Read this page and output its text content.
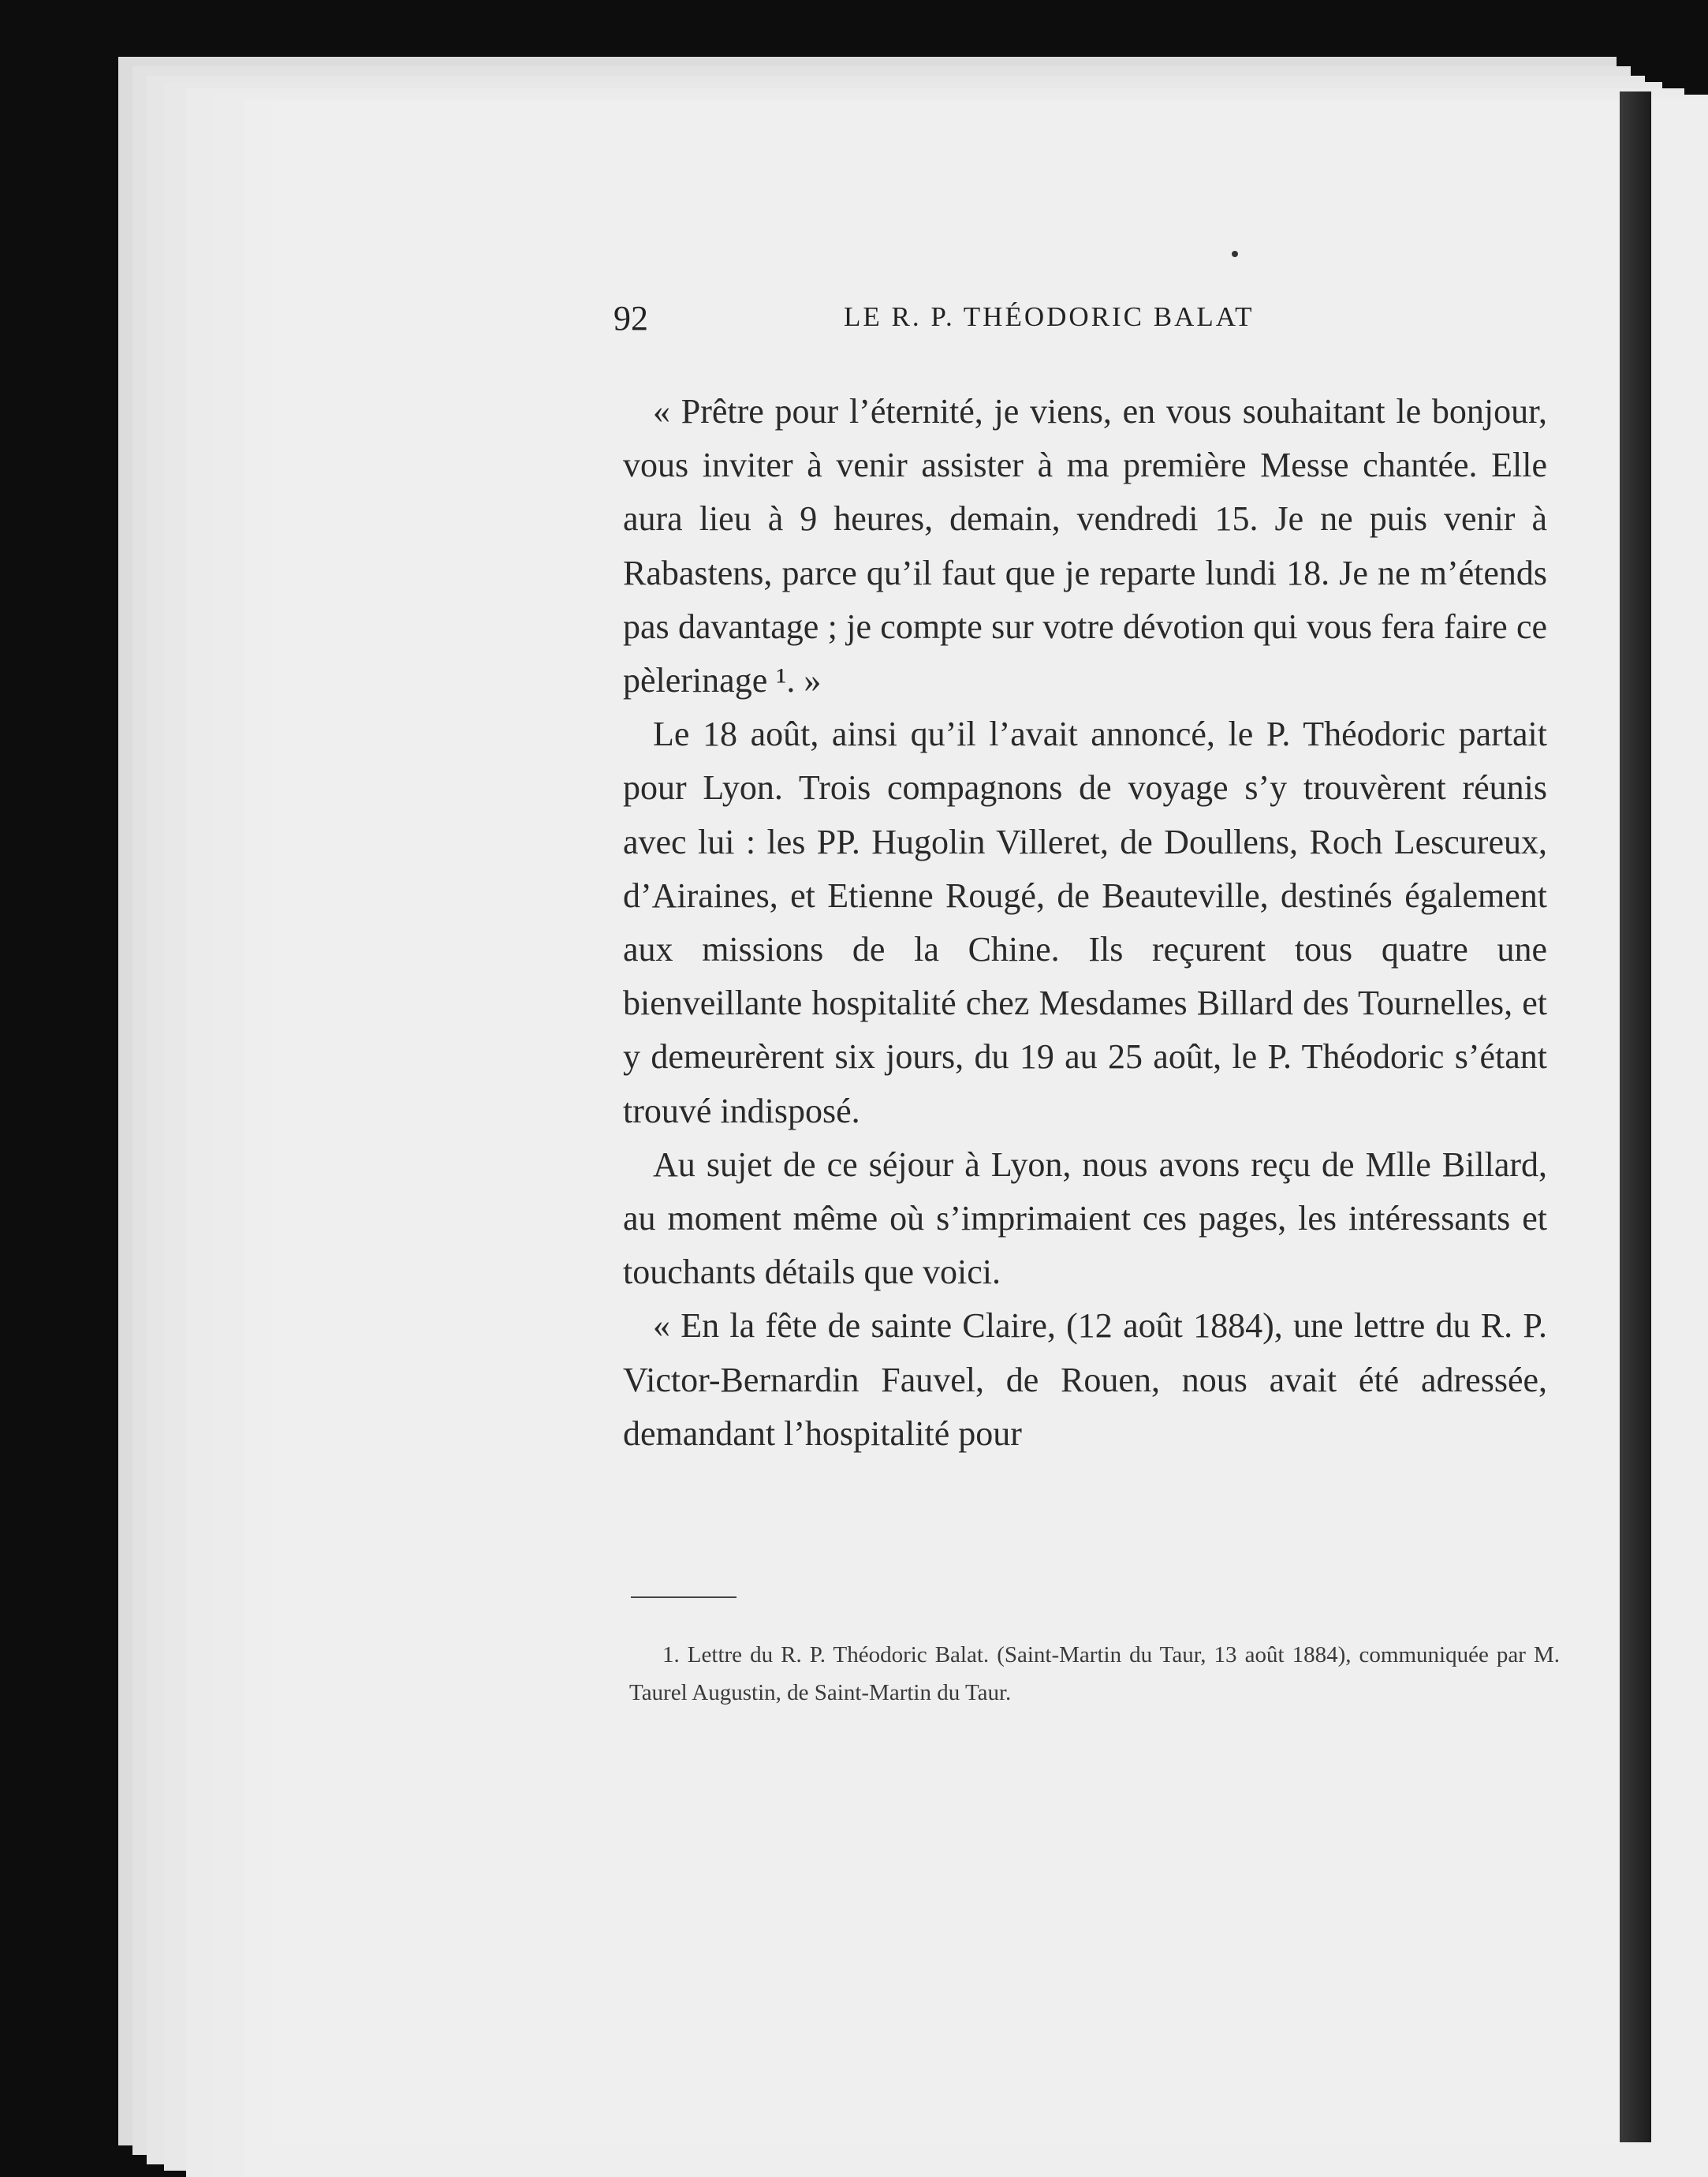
92	LE R. P. THÉODORIC BALAT

« Prêtre pour l’éternité, je viens, en vous souhaitant le bonjour, vous inviter à venir assister à ma première Messe chantée. Elle aura lieu à 9 heures, demain, vendredi 15. Je ne puis venir à Rabastens, parce qu’il faut que je reparte lundi 18. Je ne m’étends pas davantage ; je compte sur votre dévotion qui vous fera faire ce pèlerinage ¹. »

Le 18 août, ainsi qu’il l’avait annoncé, le P. Théodoric partait pour Lyon. Trois compagnons de voyage s’y trouvèrent réunis avec lui : les PP. Hugolin Villeret, de Doullens, Roch Lescureux, d’Airaines, et Etienne Rougé, de Beauteville, destinés également aux missions de la Chine. Ils reçurent tous quatre une bienveillante hospitalité chez Mesdames Billard des Tournelles, et y demeurèrent six jours, du 19 au 25 août, le P. Théodoric s’étant trouvé indisposé.

Au sujet de ce séjour à Lyon, nous avons reçu de Mlle Billard, au moment même où s’imprimaient ces pages, les intéressants et touchants détails que voici.

« En la fête de sainte Claire, (12 août 1884), une lettre du R. P. Victor-Bernardin Fauvel, de Rouen, nous avait été adressée, demandant l’hospitalité pour

1. Lettre du R. P. Théodoric Balat. (Saint-Martin du Taur, 13 août 1884), communiquée par M. Taurel Augustin, de Saint-Martin du Taur.
